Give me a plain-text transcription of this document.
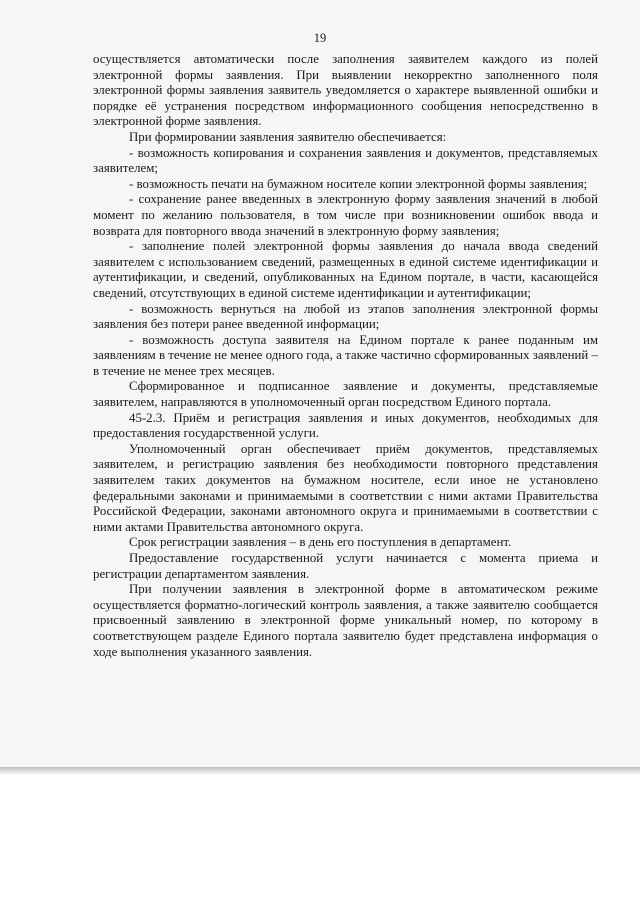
19

осуществляется автоматически после заполнения заявителем каждого из полей электронной формы заявления. При выявлении некорректно заполненного поля электронной формы заявления заявитель уведомляется о характере выявленной ошибки и порядке её устранения посредством информационного сообщения непосредственно в электронной форме заявления.

При формировании заявления заявителю обеспечивается:

- возможность копирования и сохранения заявления и документов, представляемых заявителем;

- возможность печати на бумажном носителе копии электронной формы заявления;

- сохранение ранее введенных в электронную форму заявления значений в любой момент по желанию пользователя, в том числе при возникновении ошибок ввода и возврата для повторного ввода значений в электронную форму заявления;

- заполнение полей электронной формы заявления до начала ввода сведений заявителем с использованием сведений, размещенных в единой системе идентификации и аутентификации, и сведений, опубликованных на Едином портале, в части, касающейся сведений, отсутствующих в единой системе идентификации и аутентификации;

- возможность вернуться на любой из этапов заполнения электронной формы заявления без потери ранее введенной информации;

- возможность доступа заявителя на Едином портале к ранее поданным им заявлениям в течение не менее одного года, а также частично сформированных заявлений – в течение не менее трех месяцев.

Сформированное и подписанное заявление и документы, представляемые заявителем, направляются в уполномоченный орган посредством Единого портала.

45-2.3. Приём и регистрация заявления и иных документов, необходимых для предоставления государственной услуги.

Уполномоченный орган обеспечивает приём документов, представляемых заявителем, и регистрацию заявления без необходимости повторного представления заявителем таких документов на бумажном носителе, если иное не установлено федеральными законами и принимаемыми в соответствии с ними актами Правительства Российской Федерации, законами автономного округа и принимаемыми в соответствии с ними актами Правительства автономного округа.

Срок регистрации заявления – в день его поступления в департамент.

Предоставление государственной услуги начинается с момента приема и регистрации департаментом заявления.

При получении заявления в электронной форме в автоматическом режиме осуществляется форматно-логический контроль заявления, а также заявителю сообщается присвоенный заявлению в электронной форме уникальный номер, по которому в соответствующем разделе Единого портала заявителю будет представлена информация о ходе выполнения указанного заявления.
